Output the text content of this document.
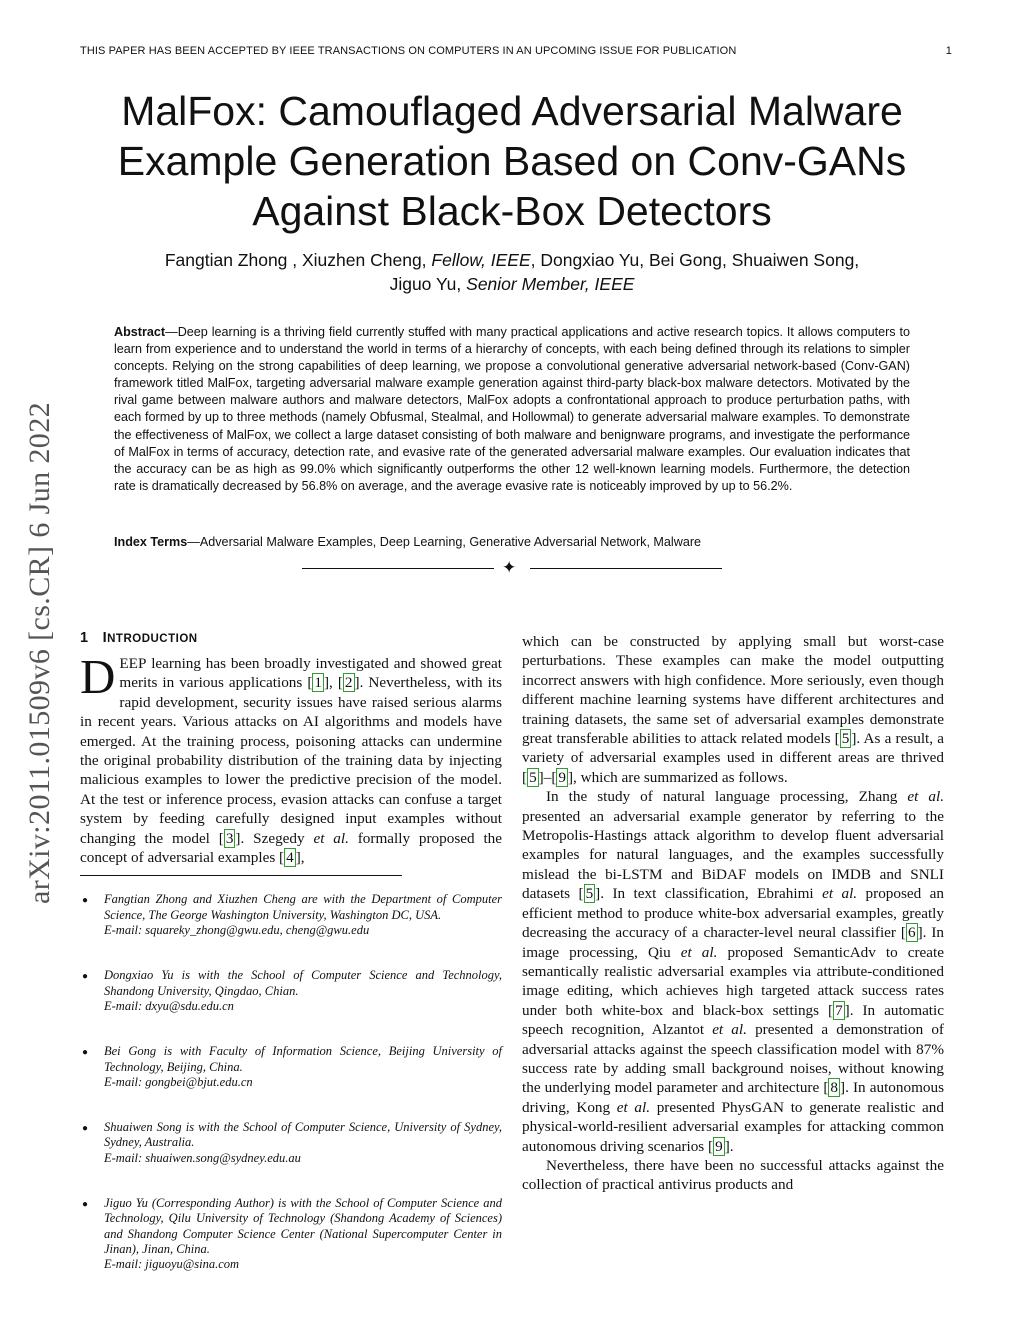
THIS PAPER HAS BEEN ACCEPTED BY IEEE TRANSACTIONS ON COMPUTERS IN AN UPCOMING ISSUE FOR PUBLICATION	1
arXiv:2011.01509v6 [cs.CR] 6 Jun 2022
MalFox: Camouflaged Adversarial Malware
Example Generation Based on Conv-GANs
Against Black-Box Detectors
Fangtian Zhong , Xiuzhen Cheng, Fellow, IEEE, Dongxiao Yu, Bei Gong, Shuaiwen Song,
Jiguo Yu, Senior Member, IEEE
Abstract—Deep learning is a thriving field currently stuffed with many practical applications and active research topics. It allows computers to learn from experience and to understand the world in terms of a hierarchy of concepts, with each being defined through its relations to simpler concepts. Relying on the strong capabilities of deep learning, we propose a convolutional generative adversarial network-based (Conv-GAN) framework titled MalFox, targeting adversarial malware example generation against third-party black-box malware detectors. Motivated by the rival game between malware authors and malware detectors, MalFox adopts a confrontational approach to produce perturbation paths, with each formed by up to three methods (namely Obfusmal, Stealmal, and Hollowmal) to generate adversarial malware examples. To demonstrate the effectiveness of MalFox, we collect a large dataset consisting of both malware and benignware programs, and investigate the performance of MalFox in terms of accuracy, detection rate, and evasive rate of the generated adversarial malware examples. Our evaluation indicates that the accuracy can be as high as 99.0% which significantly outperforms the other 12 well-known learning models. Furthermore, the detection rate is dramatically decreased by 56.8% on average, and the average evasive rate is noticeably improved by up to 56.2%.
Index Terms—Adversarial Malware Examples, Deep Learning, Generative Adversarial Network, Malware
✦
1 INTRODUCTION

DEEP learning has been broadly investigated and showed great merits in various applications [ 1 ], [ 2 ]. Nevertheless, with its rapid development, security issues have raised serious alarms in recent years. Various attacks on AI algorithms and models have emerged. At the training process, poisoning attacks can undermine the original probability distribution of the training data by injecting malicious examples to lower the predictive precision of the model. At the test or inference process, evasion attacks can confuse a target system by feeding carefully designed input examples without changing the model [ 3 ]. Szegedy et al. formally proposed the concept of adversarial examples [ 4 ],

● Fangtian Zhong and Xiuzhen Cheng are with the Department of Computer Science, The George Washington University, Washington DC, USA.
E-mail: squareky_zhong@gwu.edu, cheng@gwu.edu
● Dongxiao Yu is with the School of Computer Science and Technology, Shandong University, Qingdao, Chian.
E-mail: dxyu@sdu.edu.cn
● Bei Gong is with Faculty of Information Science, Beijing University of Technology, Beijing, China.
E-mail: gongbei@bjut.edu.cn
● Shuaiwen Song is with the School of Computer Science, University of Sydney, Sydney, Australia.
E-mail: shuaiwen.song@sydney.edu.au
● Jiguo Yu (Corresponding Author) is with the School of Computer Science and Technology, Qilu University of Technology (Shandong Academy of Sciences) and Shandong Computer Science Center (National Supercomputer Center in Jinan), Jinan, China.
E-mail: jiguoyu@sina.com

which can be constructed by applying small but worst-case perturbations. These examples can make the model outputting incorrect answers with high confidence. More seriously, even though different machine learning systems have different architectures and training datasets, the same set of adversarial examples demonstrate great transferable abilities to attack related models [ 5 ]. As a result, a variety of adversarial examples used in different areas are thrived [ 5 ]–[ 9 ], which are summarized as follows.

In the study of natural language processing, Zhang et al. presented an adversarial example generator by referring to the Metropolis-Hastings attack algorithm to develop fluent adversarial examples for natural languages, and the examples successfully mislead the bi-LSTM and BiDAF models on IMDB and SNLI datasets [ 5 ]. In text classification, Ebrahimi et al. proposed an efficient method to produce white-box adversarial examples, greatly decreasing the accuracy of a character-level neural classifier [ 6 ]. In image processing, Qiu et al. proposed SemanticAdv to create semantically realistic adversarial examples via attribute-conditioned image editing, which achieves high targeted attack success rates under both white-box and black-box settings [ 7 ]. In automatic speech recognition, Alzantot et al. presented a demonstration of adversarial attacks against the speech classification model with 87% success rate by adding small background noises, without knowing the underlying model parameter and architecture [ 8 ]. In autonomous driving, Kong et al. presented PhysGAN to generate realistic and physical-world-resilient adversarial examples for attacking common autonomous driving scenarios [ 9 ].

Nevertheless, there have been no successful attacks against the collection of practical antivirus products and
